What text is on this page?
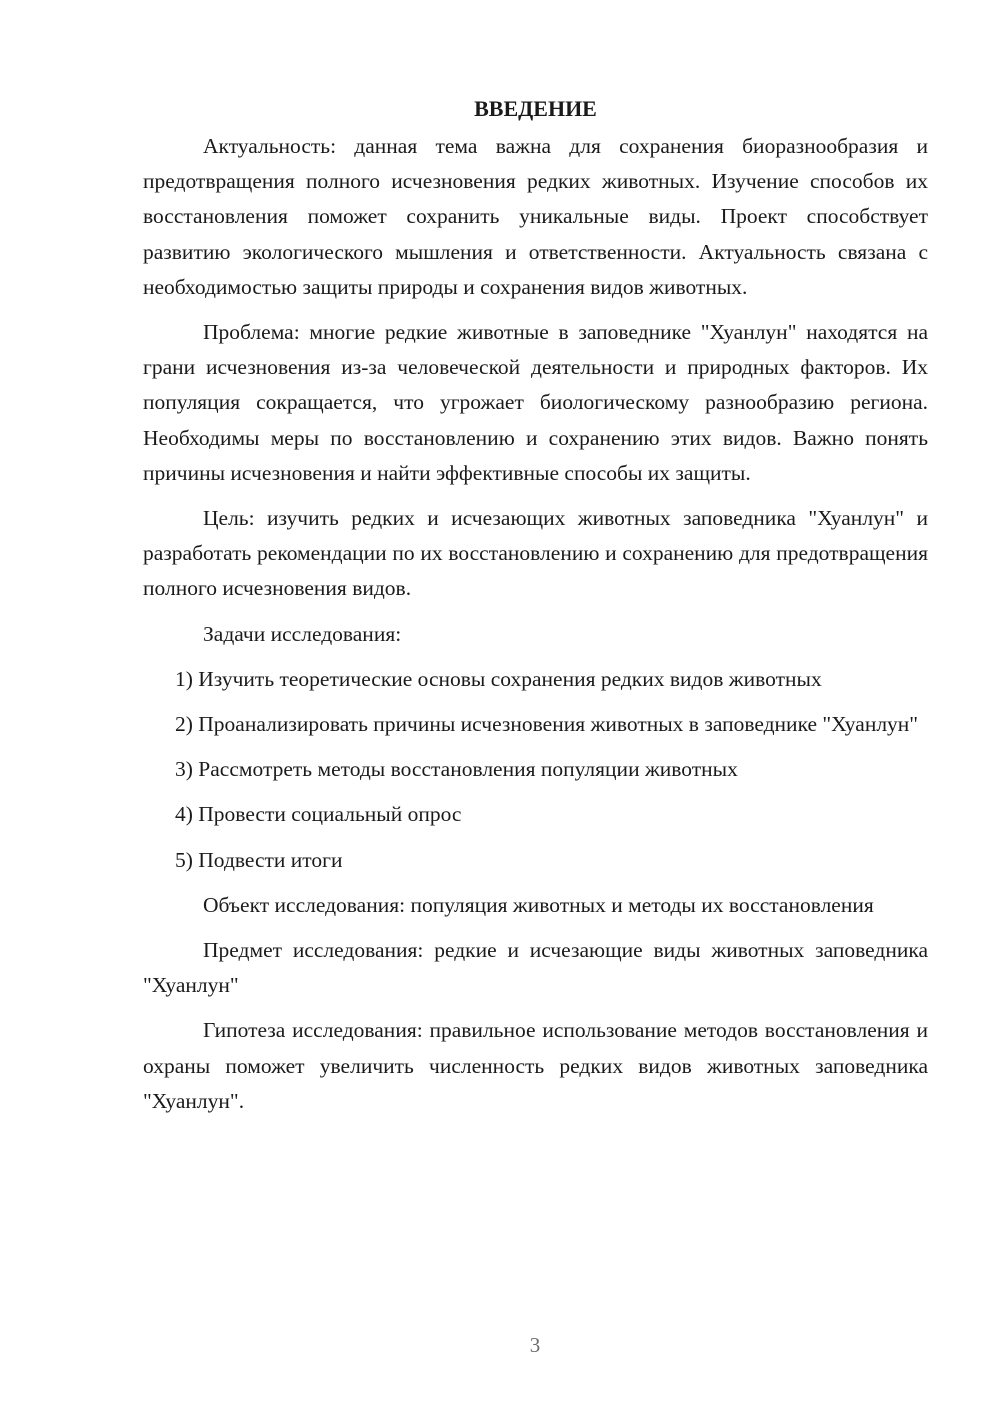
ВВЕДЕНИЕ

Актуальность: данная тема важна для сохранения биоразнообразия и предотвращения полного исчезновения редких животных. Изучение способов их восстановления поможет сохранить уникальные виды. Проект способствует развитию экологического мышления и ответственности. Актуальность связана с необходимостью защиты природы и сохранения видов животных.

Проблема: многие редкие животные в заповеднике "Хуанлун" находятся на грани исчезновения из-за человеческой деятельности и природных факторов. Их популяция сокращается, что угрожает биологическому разнообразию региона. Необходимы меры по восстановлению и сохранению этих видов. Важно понять причины исчезновения и найти эффективные способы их защиты.

Цель: изучить редких и исчезающих животных заповедника "Хуанлун" и разработать рекомендации по их восстановлению и сохранению для предотвращения полного исчезновения видов.

Задачи исследования:

1) Изучить теоретические основы сохранения редких видов животных

2) Проанализировать причины исчезновения животных в заповеднике "Хуанлун"

3) Рассмотреть методы восстановления популяции животных

4) Провести социальный опрос

5) Подвести итоги

Объект исследования: популяция животных и методы их восстановления

Предмет исследования: редкие и исчезающие виды животных заповедника "Хуанлун"

Гипотеза исследования: правильное использование методов восстановления и охраны поможет увеличить численность редких видов животных заповедника "Хуанлун".

3
